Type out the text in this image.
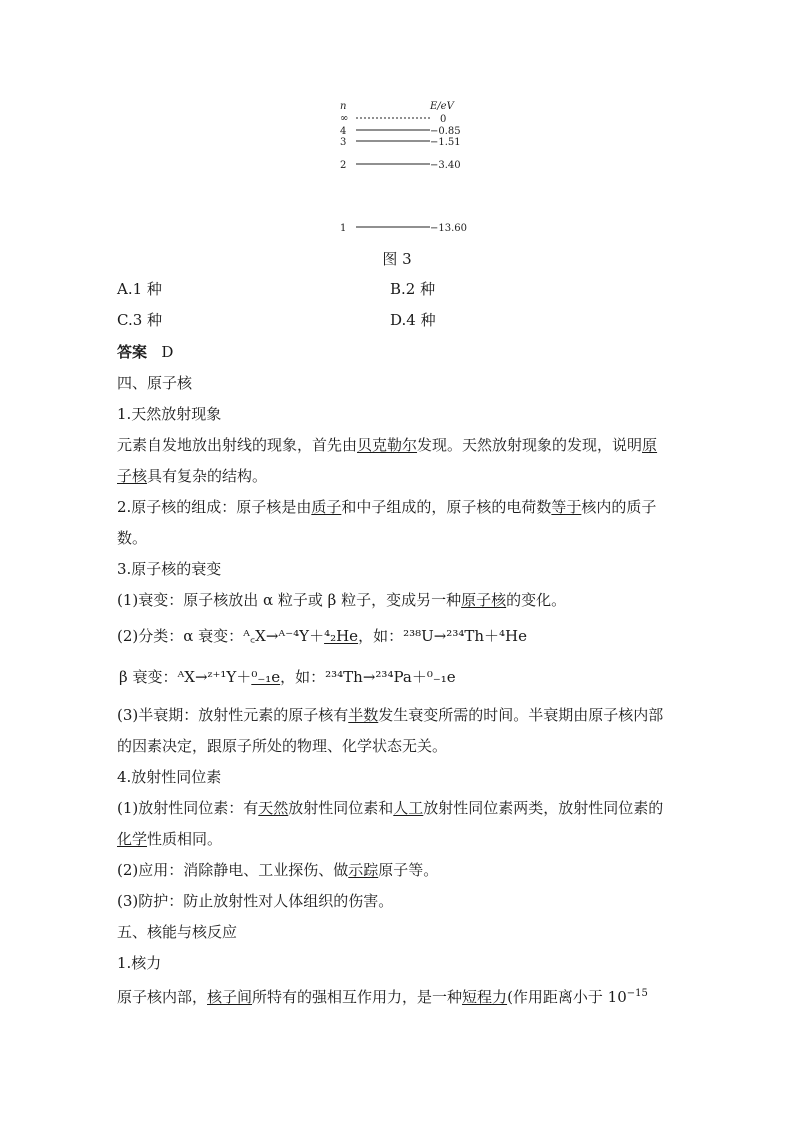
n	E/eV
∞	0
4	−0.85
3	−1.51
2	−3.40
1	−13.60
图 3
A.1 种	B.2 种
C.3 种	D.4 种
答案 D
四、原子核
1.天然放射现象
元素自发地放出射线的现象，首先由贝克勒尔发现。天然放射现象的发现，说明原
子核具有复杂的结构。
2.原子核的组成：原子核是由质子和中子组成的，原子核的电荷数等于核内的质子
数。
3.原子核的衰变
(1)衰变：原子核放出 α 粒子或 β 粒子，变成另一种原子核的变化。
(2)分类：α 衰变：ᴬ꜀X→ᴬ⁻⁴Y＋⁴₂He，如：²³⁸U→²³⁴Th＋⁴He
β 衰变：ᴬX→ᶻ⁺¹Y＋⁰₋₁e，如：²³⁴Th→²³⁴Pa＋⁰₋₁e
(3)半衰期：放射性元素的原子核有半数发生衰变所需的时间。半衰期由原子核内部
的因素决定，跟原子所处的物理、化学状态无关。
4.放射性同位素
(1)放射性同位素：有天然放射性同位素和人工放射性同位素两类，放射性同位素的
化学性质相同。
(2)应用：消除静电、工业探伤、做示踪原子等。
(3)防护：防止放射性对人体组织的伤害。
五、核能与核反应
1.核力
原子核内部，核子间所特有的强相互作用力，是一种短程力(作用距离小于 $10^{-15}$
